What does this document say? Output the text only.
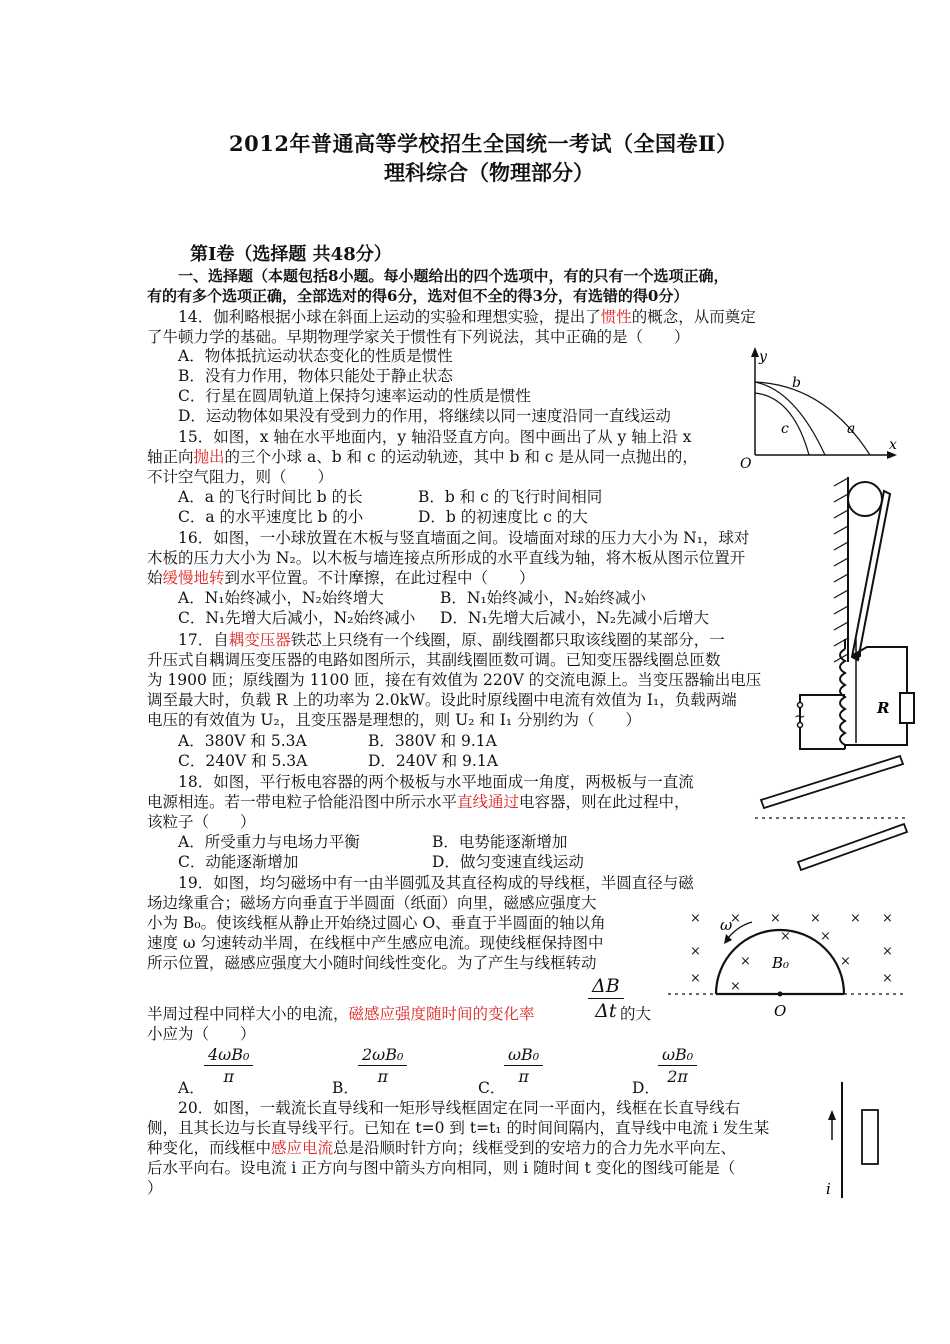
2012年普通高等学校招生全国统一考试（全国卷Ⅱ）
理科综合（物理部分）
第Ⅰ卷（选择题 共48分）
一、选择题（本题包括8小题。每小题给出的四个选项中，有的只有一个选项正确，
有的有多个选项正确，全部选对的得6分，选对但不全的得3分，有选错的得0分）
14．伽利略根据小球在斜面上运动的实验和理想实验，提出了惯性的概念，从而奠定
了牛顿力学的基础。早期物理学家关于惯性有下列说法，其中正确的是（　　）
A．物体抵抗运动状态变化的性质是惯性
B．没有力作用，物体只能处于静止状态
C．行星在圆周轨道上保持匀速率运动的性质是惯性
D．运动物体如果没有受到力的作用，将继续以同一速度沿同一直线运动
15．如图，x 轴在水平地面内，y 轴沿竖直方向。图中画出了从 y 轴上沿 x
轴正向抛出的三个小球 a、b 和 c 的运动轨迹，其中 b 和 c 是从同一点抛出的，
不计空气阻力，则（　　）
A．a 的飞行时间比 b 的长	B．b 和 c 的飞行时间相同
C．a 的水平速度比 b 的小	D．b 的初速度比 c 的大
y
b
c	a
x
O
16．如图，一小球放置在木板与竖直墙面之间。设墙面对球的压力大小为 N₁，球对
木板的压力大小为 N₂。以木板与墙连接点所形成的水平直线为轴，将木板从图示位置开
始缓慢地转到水平位置。不计摩擦，在此过程中（　　）
A．N₁始终减小，N₂始终增大	B．N₁始终减小，N₂始终减小
C．N₁先增大后减小，N₂始终减小 D．N₁先增大后减小，N₂先减小后增大
17．自耦变压器铁芯上只绕有一个线圈，原、副线圈都只取该线圈的某部分，一
升压式自耦调压变压器的电路如图所示，其副线圈匝数可调。已知变压器线圈总匝数
为 1900 匝；原线圈为 1100 匝，接在有效值为 220V 的交流电源上。当变压器输出电压
调至最大时，负载 R 上的功率为 2.0kW。设此时原线圈中电流有效值为 I₁，负载两端
电压的有效值为 U₂，且变压器是理想的，则 U₂ 和 I₁ 分别约为（　　）
A．380V 和 5.3A	B．380V 和 9.1A
C．240V 和 5.3A	D．240V 和 9.1A
~	R
18．如图，平行板电容器的两个极板与水平地面成一角度，两极板与一直流
电源相连。若一带电粒子恰能沿图中所示水平直线通过电容器，则在此过程中，
该粒子（　　）
A．所受重力与电场力平衡	B．电势能逐渐增加
C．动能逐渐增加	D．做匀变速直线运动
19．如图，均匀磁场中有一由半圆弧及其直径构成的导线框，半圆直径与磁
场边缘重合；磁场方向垂直于半圆面（纸面）向里，磁感应强度大
小为 B₀。使该线框从静止开始绕过圆心 O、垂直于半圆面的轴以角
速度 ω 匀速转动半周，在线框中产生感应电流。现使线框保持图中
所示位置，磁感应强度大小随时间线性变化。为了产生与线框转动
半周过程中同样大小的电流，磁感应强度随时间的变化率
ΔB
Δt 的大
小应为（　　）
A．
4ωB₀
π
B．
2ωB₀
π
C．
ωB₀
π
D．
ωB₀
2π
× × × × × ×
×	×
×
×
× ×
×
×
×
ω
B₀
O
20．如图，一载流长直导线和一矩形导线框固定在同一平面内，线框在长直导线右
侧，且其长边与长直导线平行。已知在 t=0 到 t=t₁ 的时间间隔内，直导线中电流 i 发生某
种变化，而线框中感应电流总是沿顺时针方向；线框受到的安培力的合力先水平向左、
后水平向右。设电流 i 正方向与图中箭头方向相同，则 i 随时间 t 变化的图线可能是（
）	i
